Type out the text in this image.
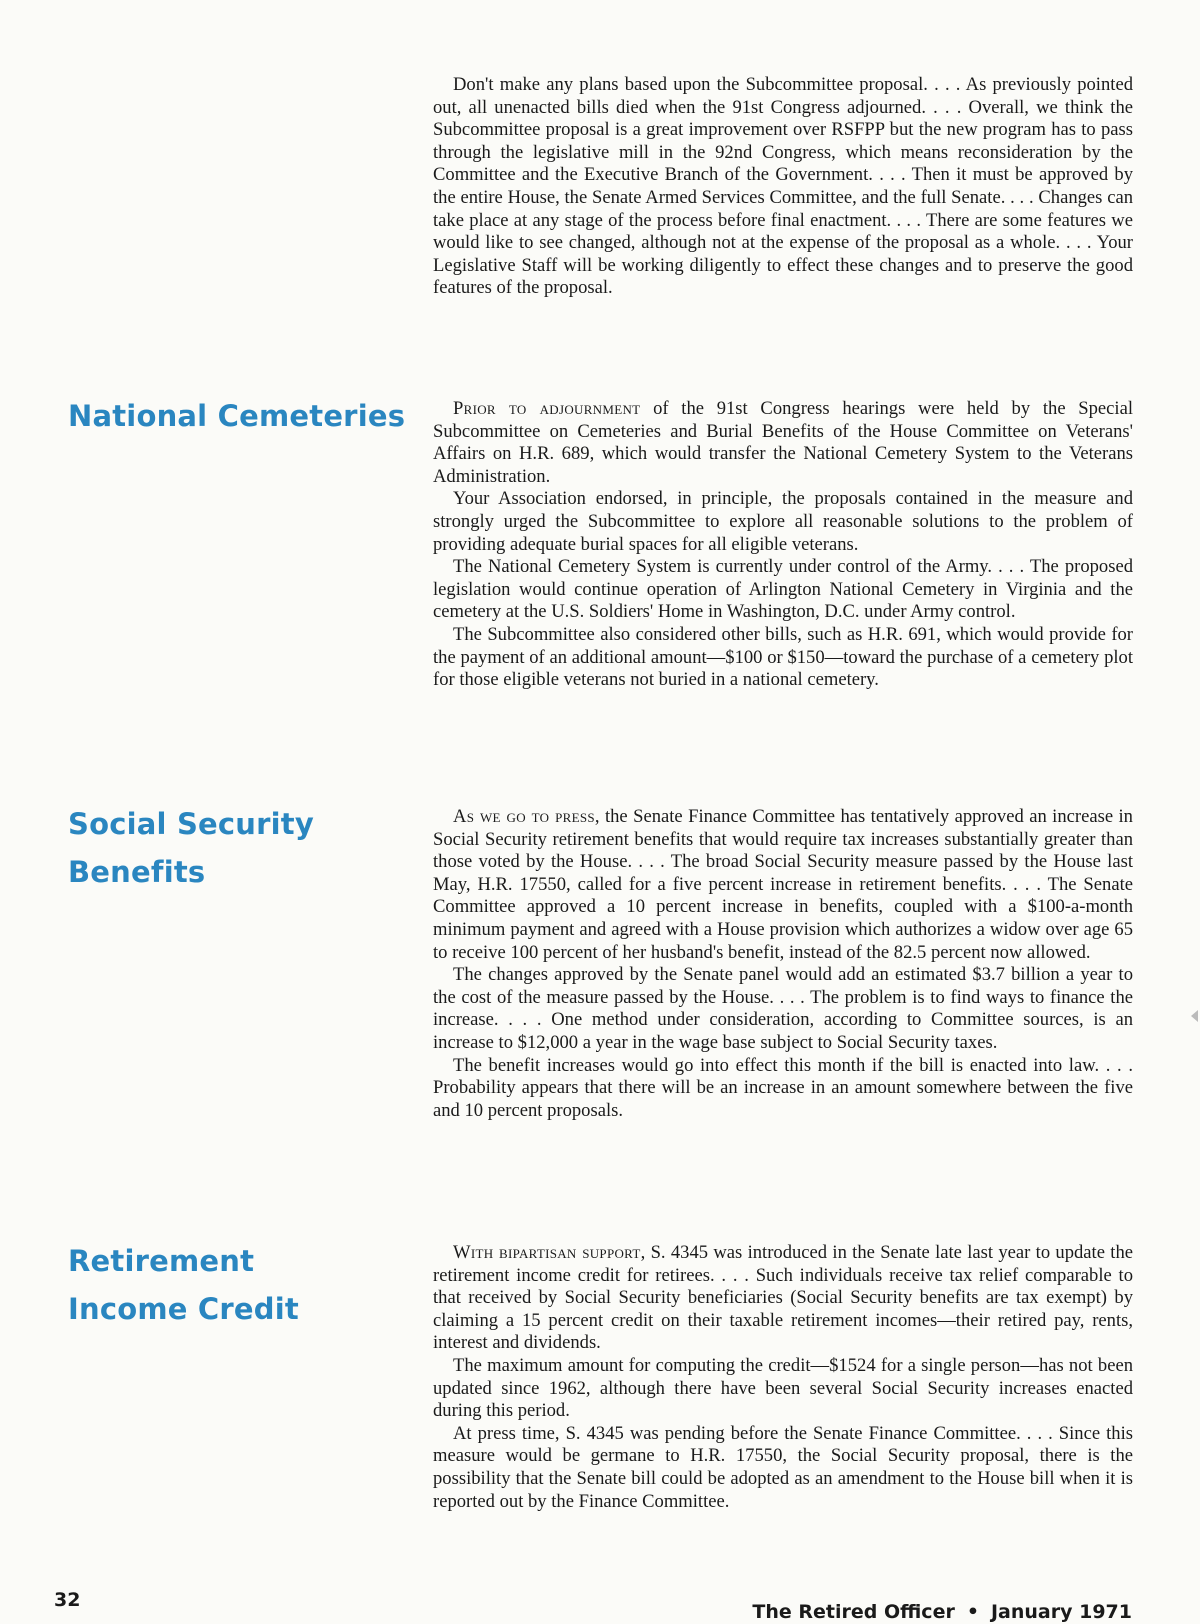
Don't make any plans based upon the Subcommittee proposal. . . . As previously pointed out, all unenacted bills died when the 91st Congress adjourned. . . . Overall, we think the Subcommittee proposal is a great improvement over RSFPP but the new program has to pass through the legislative mill in the 92nd Congress, which means reconsideration by the Committee and the Executive Branch of the Government. . . . Then it must be approved by the entire House, the Senate Armed Services Committee, and the full Senate. . . . Changes can take place at any stage of the process before final enactment. . . . There are some features we would like to see changed, although not at the expense of the proposal as a whole. . . . Your Legislative Staff will be working diligently to effect these changes and to preserve the good features of the proposal.

National Cemeteries	Prior to adjournment of the 91st Congress hearings were held by the Special Subcommittee on Cemeteries and Burial Benefits of the House Committee on Veterans' Affairs on H.R. 689, which would transfer the National Cemetery System to the Veterans Administration.

Your Association endorsed, in principle, the proposals contained in the measure and strongly urged the Subcommittee to explore all reasonable solutions to the problem of providing adequate burial spaces for all eligible veterans.

The National Cemetery System is currently under control of the Army. . . . The proposed legislation would continue operation of Arlington National Cemetery in Virginia and the cemetery at the U.S. Soldiers' Home in Washington, D.C. under Army control.

The Subcommittee also considered other bills, such as H.R. 691, which would provide for the payment of an additional amount—$100 or $150—toward the purchase of a cemetery plot for those eligible veterans not buried in a national cemetery.

Social Security
Benefits

As we go to press, the Senate Finance Committee has tentatively approved an increase in Social Security retirement benefits that would require tax increases substantially greater than those voted by the House. . . . The broad Social Security measure passed by the House last May, H.R. 17550, called for a five percent increase in retirement benefits. . . . The Senate Committee approved a 10 percent increase in benefits, coupled with a $100-a-month minimum payment and agreed with a House provision which authorizes a widow over age 65 to receive 100 percent of her husband's benefit, instead of the 82.5 percent now allowed.

The changes approved by the Senate panel would add an estimated $3.7 billion a year to the cost of the measure passed by the House. . . . The problem is to find ways to finance the increase. . . . One method under consideration, according to Committee sources, is an increase to $12,000 a year in the wage base subject to Social Security taxes.

The benefit increases would go into effect this month if the bill is enacted into law. . . . Probability appears that there will be an increase in an amount somewhere between the five and 10 percent proposals.

Retirement
Income Credit

With bipartisan support, S. 4345 was introduced in the Senate late last year to update the retirement income credit for retirees. . . . Such individuals receive tax relief comparable to that received by Social Security beneficiaries (Social Security benefits are tax exempt) by claiming a 15 percent credit on their taxable retirement incomes—their retired pay, rents, interest and dividends.

The maximum amount for computing the credit—$1524 for a single person—has not been updated since 1962, although there have been several Social Security increases enacted during this period.

At press time, S. 4345 was pending before the Senate Finance Committee. . . . Since this measure would be germane to H.R. 17550, the Social Security proposal, there is the possibility that the Senate bill could be adopted as an amendment to the House bill when it is reported out by the Finance Committee.

32
The Retired Officer • January 1971
